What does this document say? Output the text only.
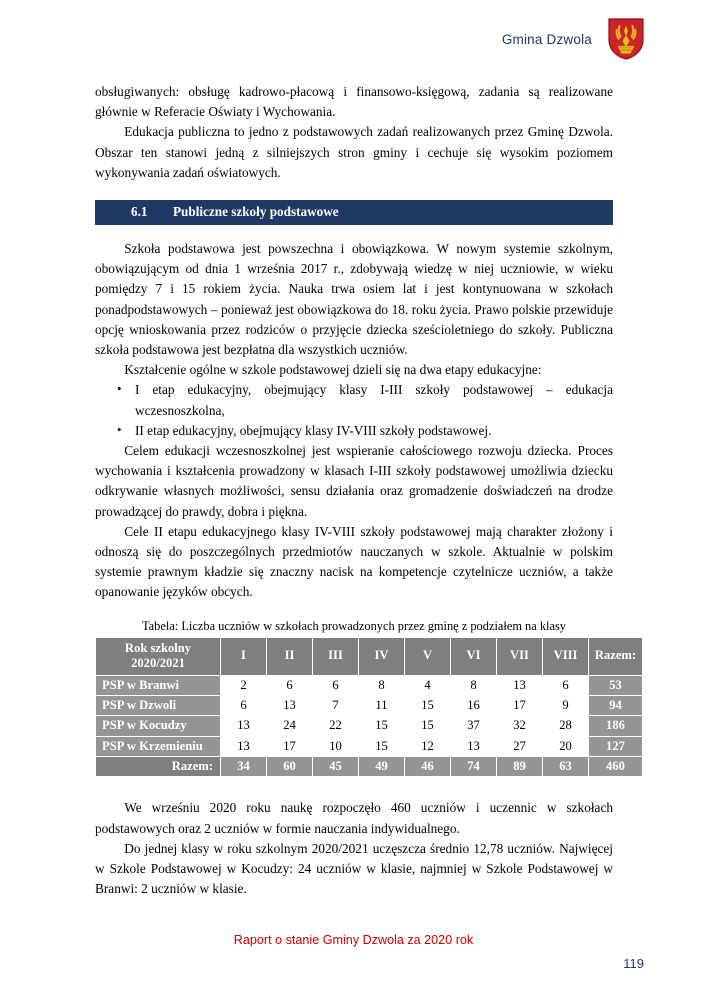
Gmina Dzwola

obsługiwanych: obsługę kadrowo-płacową i finansowo-księgową, zadania są realizowane głównie w Referacie Oświaty i Wychowania.

Edukacja publiczna to jedno z podstawowych zadań realizowanych przez Gminę Dzwola. Obszar ten stanowi jedną z silniejszych stron gminy i cechuje się wysokim poziomem wykonywania zadań oświatowych.

6.1	Publiczne szkoły podstawowe

Szkoła podstawowa jest powszechna i obowiązkowa. W nowym systemie szkolnym, obowiązującym od dnia 1 września 2017 r., zdobywają wiedzę w niej uczniowie, w wieku pomiędzy 7 i 15 rokiem życia. Nauka trwa osiem lat i jest kontynuowana w szkołach ponadpodstawowych – ponieważ jest obowiązkowa do 18. roku życia. Prawo polskie przewiduje opcję wnioskowania przez rodziców o przyjęcie dziecka sześcioletniego do szkoły. Publiczna szkoła podstawowa jest bezpłatna dla wszystkich uczniów.

Kształcenie ogólne w szkole podstawowej dzieli się na dwa etapy edukacyjne:

• I etap edukacyjny, obejmujący klasy I-III szkoły podstawowej – edukacja wczesnoszkolna,
• II etap edukacyjny, obejmujący klasy IV-VIII szkoły podstawowej.

Celem edukacji wczesnoszkolnej jest wspieranie całościowego rozwoju dziecka. Proces wychowania i kształcenia prowadzony w klasach I-III szkoły podstawowej umożliwia dziecku odkrywanie własnych możliwości, sensu działania oraz gromadzenie doświadczeń na drodze prowadzącej do prawdy, dobra i piękna.

Cele II etapu edukacyjnego klasy IV-VIII szkoły podstawowej mają charakter złożony i odnoszą się do poszczególnych przedmiotów nauczanych w szkole. Aktualnie w polskim systemie prawnym kładzie się znaczny nacisk na kompetencje czytelnicze uczniów, a także opanowanie języków obcych.

Tabela: Liczba uczniów w szkołach prowadzonych przez gminę z podziałem na klasy
Rok szkolny
2020/2021	I	II	III	IV	V	VI	VII	VIII	Razem:
PSP w Branwi	2	6	6	8	4	8	13	6	53
PSP w Dzwoli	6	13	7	11	15	16	17	9	94
PSP w Kocudzy	13	24	22	15	15	37	32	28	186
PSP w Krzemieniu	13	17	10	15	12	13	27	20	127
Razem:	34	60	45	49	46	74	89	63	460

We wrześniu 2020 roku naukę rozpoczęło 460 uczniów i uczennic w szkołach podstawowych oraz 2 uczniów w formie nauczania indywidualnego.

Do jednej klasy w roku szkolnym 2020/2021 uczęszcza średnio 12,78 uczniów. Najwięcej w Szkole Podstawowej w Kocudzy: 24 uczniów w klasie, najmniej w Szkole Podstawowej w Branwi: 2 uczniów w klasie.

Raport o stanie Gminy Dzwola za 2020 rok
119
